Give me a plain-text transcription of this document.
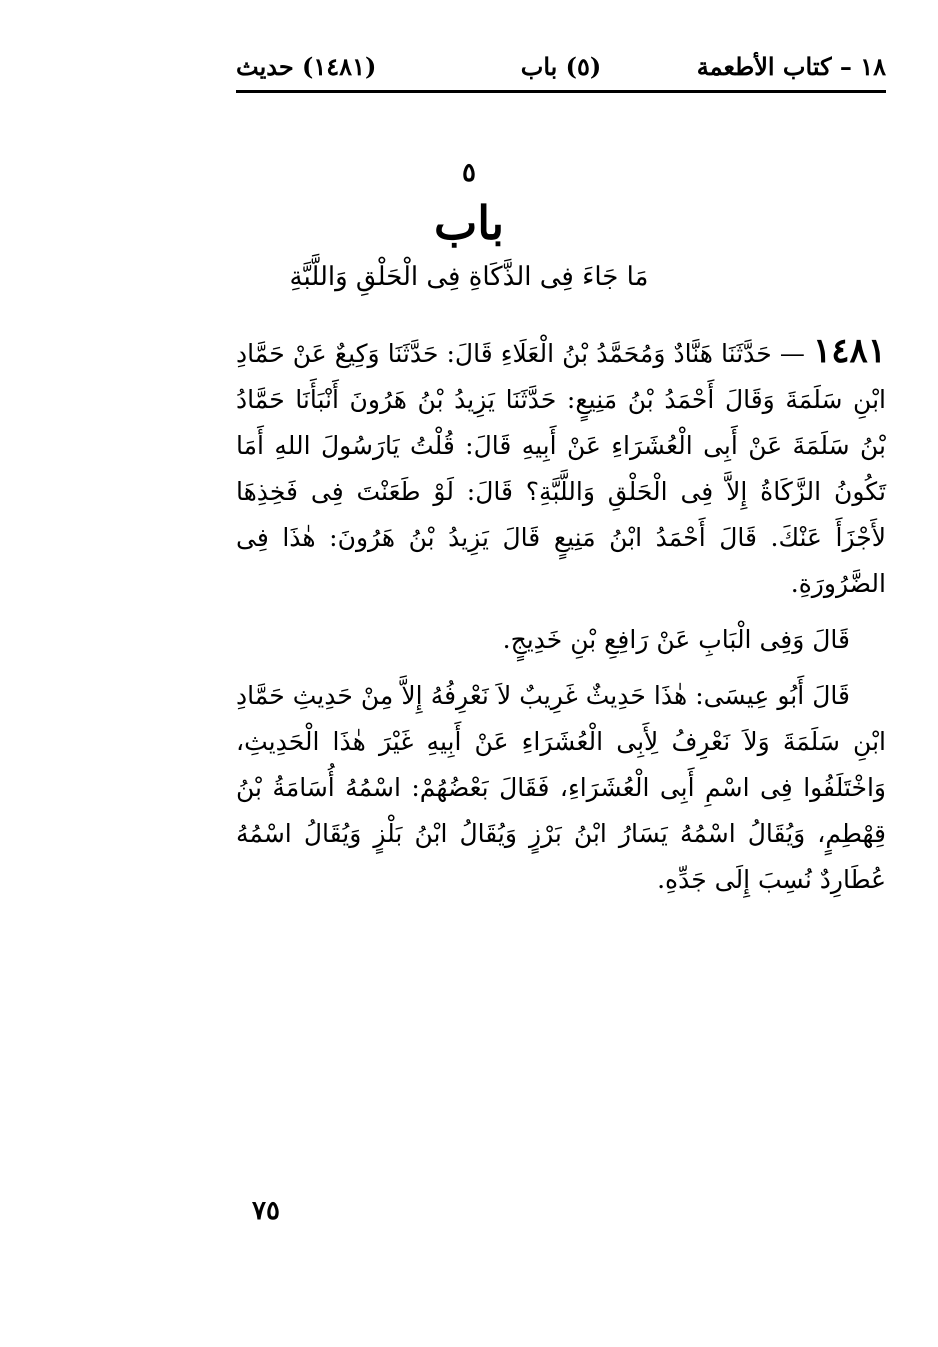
١٨ – كتاب الأطعمة
(٥) باب
(١٤٨١) حديث
٥
باب
مَا جَاءَ فِى الذَّكَاةِ فِى الْحَلْقِ وَاللَّبَّةِ

١٤٨١ — حَدَّثَنَا هَنَّادٌ وَمُحَمَّدُ بْنُ الْعَلَاءِ قَالَ: حَدَّثَنَا وَكِيعٌ عَنْ حَمَّادِ ابْنِ سَلَمَةَ وَقَالَ أَحْمَدُ بْنُ مَنِيعٍ: حَدَّثَنَا يَزِيدُ بْنُ هَرُونَ أَنْبَأَنَا حَمَّادُ بْنُ سَلَمَةَ عَنْ أَبِى الْعُشَرَاءِ عَنْ أَبِيهِ قَالَ: قُلْتُ يَارَسُولَ اللهِ أَمَا تَكُونُ الزَّكَاةُ إِلاَّ فِى الْحَلْقِ وَاللَّبَّةِ؟ قَالَ: لَوْ طَعَنْتَ فِى فَخِذِهَا لأَجْزَأَ عَنْكَ. قَالَ أَحْمَدُ ابْنُ مَنِيعٍ قَالَ يَزِيدُ بْنُ هَرُونَ: هٰذَا فِى الضَّرُورَةِ.

قَالَ وَفِى الْبَابِ عَنْ رَافِعِ بْنِ خَدِيجٍ.

قَالَ أَبُو عِيسَى: هٰذَا حَدِيثٌ غَرِيبٌ لاَ نَعْرِفُهُ إِلاَّ مِنْ حَدِيثِ حَمَّادِ ابْنِ سَلَمَةَ وَلاَ نَعْرِفُ لِأَبِى الْعُشَرَاءِ عَنْ أَبِيهِ غَيْرَ هٰذَا الْحَدِيثِ، وَاخْتَلَفُوا فِى اسْمِ أَبِى الْعُشَرَاءِ، فَقَالَ بَعْضُهُمْ: اسْمُهُ أُسَامَةُ بْنُ قِهْطِمٍ، وَيُقَالُ اسْمُهُ يَسَارُ ابْنُ بَرْزٍ وَيُقَالُ ابْنُ بَلْزٍ وَيُقَالُ اسْمُهُ عُطَارِدٌ نُسِبَ إِلَى جَدِّهِ.

٧٥
